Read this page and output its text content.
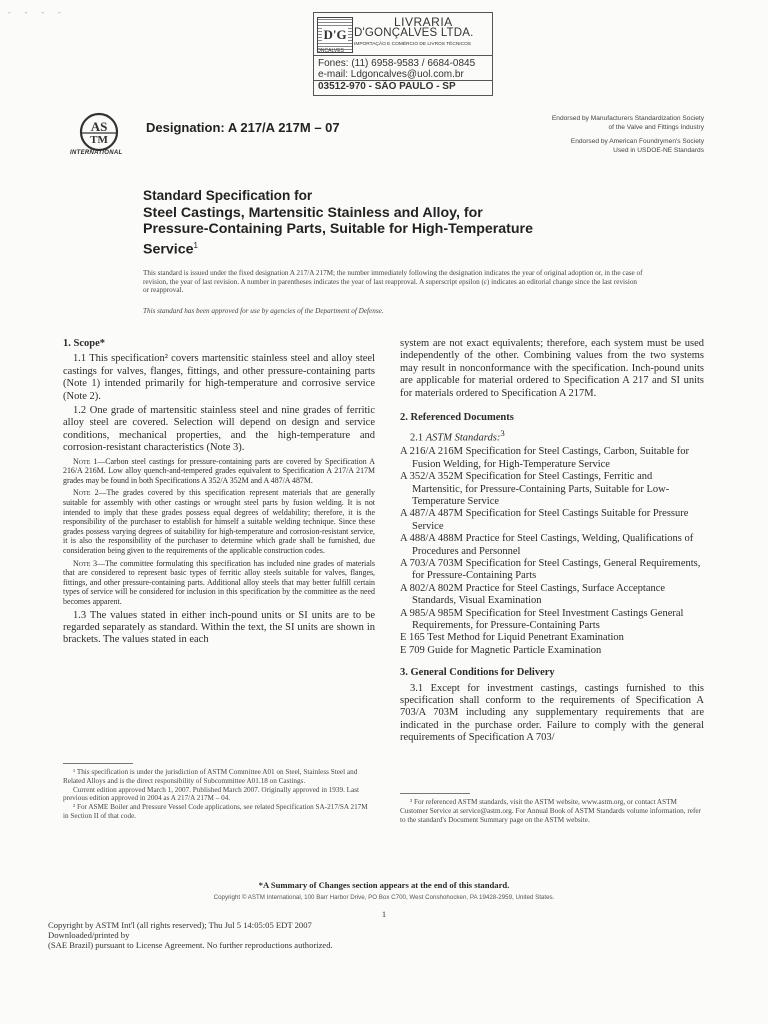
- - - -
D'G
ONÇALVES
LIVRARIA
D'GONÇALVES LTDA.
IMPORTAÇÃO E COMÉRCIO DE LIVROS TÉCNICOS
Fones: (11) 6958-9583 / 6684-0845
e-mail: Ldgoncalves@uol.com.br
03512-970 - SÃO PAULO - SP
AS
TM
INTERNATIONAL
Designation: A 217/A 217M – 07

Endorsed by Manufacturers Standardization Society
of the Valve and Fittings Industry

Endorsed by American Foundrymen's Society
Used in USDOE-NE Standards

Standard Specification for
Steel Castings, Martensitic Stainless and Alloy, for
Pressure-Containing Parts, Suitable for High-Temperature
Service$^1$
This standard is issued under the fixed designation A 217/A 217M; the number immediately following the designation indicates the year of original adoption or, in the case of revision, the year of last revision. A number in parentheses indicates the year of last reapproval. A superscript epsilon (ε) indicates an editorial change since the last revision or reapproval.
This standard has been approved for use by agencies of the Department of Defense.
1. Scope*

1.1 This specification² covers martensitic stainless steel and alloy steel castings for valves, flanges, fittings, and other pressure-containing parts (Note 1) intended primarily for high-temperature and corrosive service (Note 2).

1.2 One grade of martensitic stainless steel and nine grades of ferritic alloy steel are covered. Selection will depend on design and service conditions, mechanical properties, and the high-temperature and corrosion-resistant characteristics (Note 3).

Note 1—Carbon steel castings for pressure-containing parts are covered by Specification A 216/A 216M. Low alloy quench-and-tempered grades equivalent to Specification A 217/A 217M grades may be found in both Specifications A 352/A 352M and A 487/A 487M.

Note 2—The grades covered by this specification represent materials that are generally suitable for assembly with other castings or wrought steel parts by fusion welding. It is not intended to imply that these grades possess equal degrees of weldability; therefore, it is the responsibility of the purchaser to establish for himself a suitable welding technique. Since these grades possess varying degrees of suitability for high-temperature and corrosion-resistant service, it is also the responsibility of the purchaser to determine which grade shall be furnished, due consideration being given to the requirements of the applicable construction codes.

Note 3—The committee formulating this specification has included nine grades of materials that are considered to represent basic types of ferritic alloy steels suitable for valves, flanges, fittings, and other pressure-containing parts. Additional alloy steels that may better fulfill certain types of service will be considered for inclusion in this specification by the committee as the need becomes apparent.

1.3 The values stated in either inch-pound units or SI units are to be regarded separately as standard. Within the text, the SI units are shown in brackets. The values stated in each

system are not exact equivalents; therefore, each system must be used independently of the other. Combining values from the two systems may result in nonconformance with the specification. Inch-pound units are applicable for material ordered to Specification A 217 and SI units for materials ordered to Specification A 217M.

2. Referenced Documents
2.1 ASTM Standards:$^3$

A 216/A 216M Specification for Steel Castings, Carbon, Suitable for Fusion Welding, for High-Temperature Service

A 352/A 352M Specification for Steel Castings, Ferritic and Martensitic, for Pressure-Containing Parts, Suitable for Low-Temperature Service

A 487/A 487M Specification for Steel Castings Suitable for Pressure Service

A 488/A 488M Practice for Steel Castings, Welding, Qualifications of Procedures and Personnel

A 703/A 703M Specification for Steel Castings, General Requirements, for Pressure-Containing Parts

A 802/A 802M Practice for Steel Castings, Surface Acceptance Standards, Visual Examination

A 985/A 985M Specification for Steel Investment Castings General Requirements, for Pressure-Containing Parts

E 165 Test Method for Liquid Penetrant Examination

E 709 Guide for Magnetic Particle Examination

3. General Conditions for Delivery

3.1 Except for investment castings, castings furnished to this specification shall conform to the requirements of Specification A 703/A 703M including any supplementary requirements that are indicated in the purchase order. Failure to comply with the general requirements of Specification A 703/

¹ This specification is under the jurisdiction of ASTM Committee A01 on Steel, Stainless Steel and Related Alloys and is the direct responsibility of Subcommittee A01.18 on Castings.
Current edition approved March 1, 2007. Published March 2007. Originally approved in 1939. Last previous edition approved in 2004 as A 217/A 217M – 04.
² For ASME Boiler and Pressure Vessel Code applications, see related Specification SA-217/SA 217M in Section II of that code.
³ For referenced ASTM standards, visit the ASTM website, www.astm.org, or contact ASTM Customer Service at service@astm.org. For Annual Book of ASTM Standards volume information, refer to the standard's Document Summary page on the ASTM website.
*A Summary of Changes section appears at the end of this standard.
Copyright © ASTM International, 100 Barr Harbor Drive, PO Box C700, West Conshohocken, PA 19428-2959, United States.
1
Copyright by ASTM Int'l (all rights reserved); Thu Jul 5 14:05:05 EDT 2007
Downloaded/printed by
(SAE Brazil) pursuant to License Agreement. No further reproductions authorized.
